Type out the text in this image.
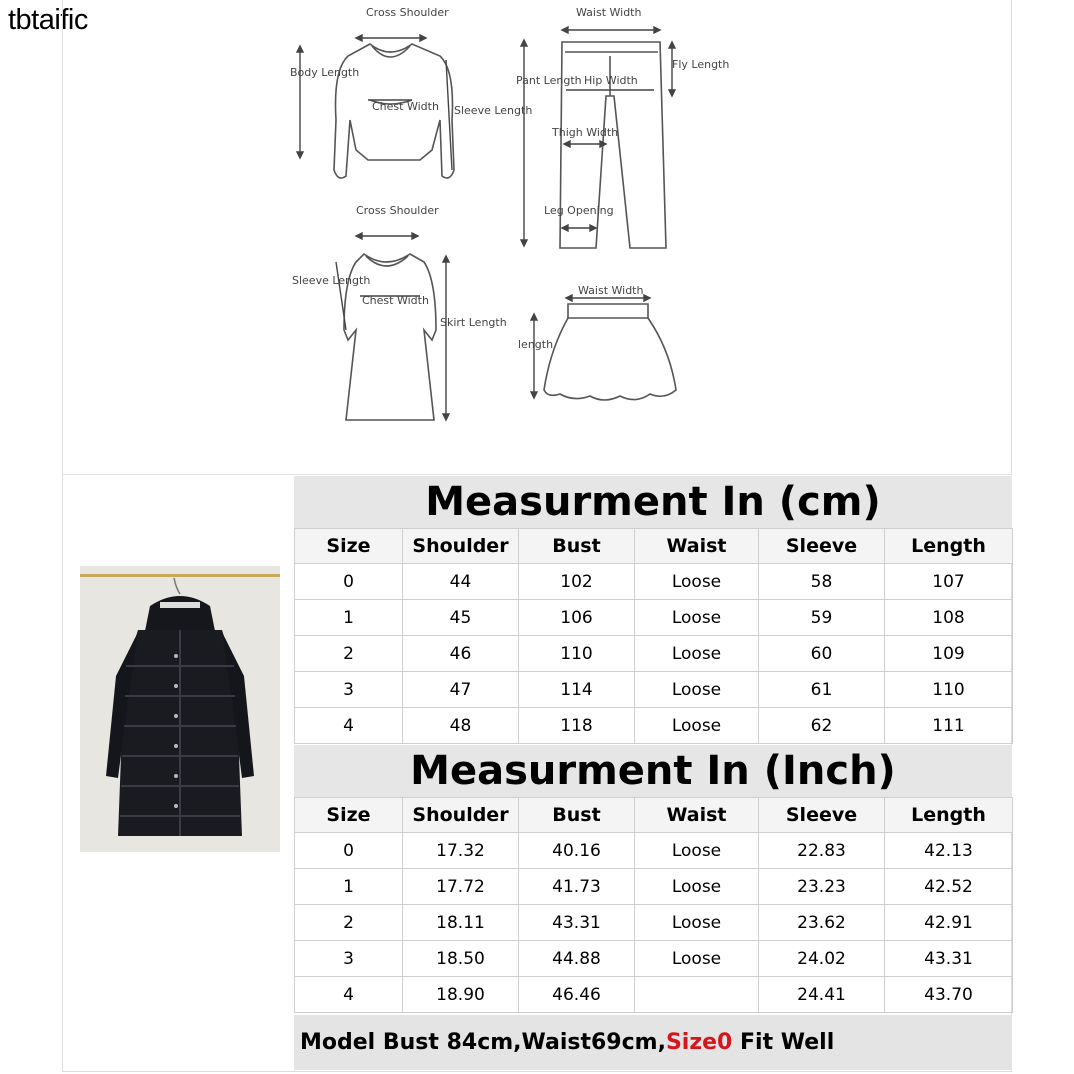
tbtaific	Cross Shoulder
Body Length
Chest Width Sleeve Length
Waist Width
Pant Length
Fly Length
Hip Width
Thigh Width
Leg Opening
Cross Shoulder
Sleeve Length
Chest Width
Skirt Length
Waist Width
length
Measurment In (cm)
Size	Shoulder	Bust	Waist	Sleeve	Length
0	44	102	Loose	58	107
1	45	106	Loose	59	108
2	46	110	Loose	60	109
3	47	114	Loose	61	110
4	48	118	Loose	62	111
Measurment In (Inch)
Size	Shoulder	Bust	Waist	Sleeve	Length
0	17.32	40.16	Loose	22.83	42.13
1	17.72	41.73	Loose	23.23	42.52
2	18.11	43.31	Loose	23.62	42.91
3	18.50	44.88	Loose	24.02	43.31
4	18.90	46.46		24.41	43.70
Model Bust 84cm,Waist69cm,Size0 Fit Well
